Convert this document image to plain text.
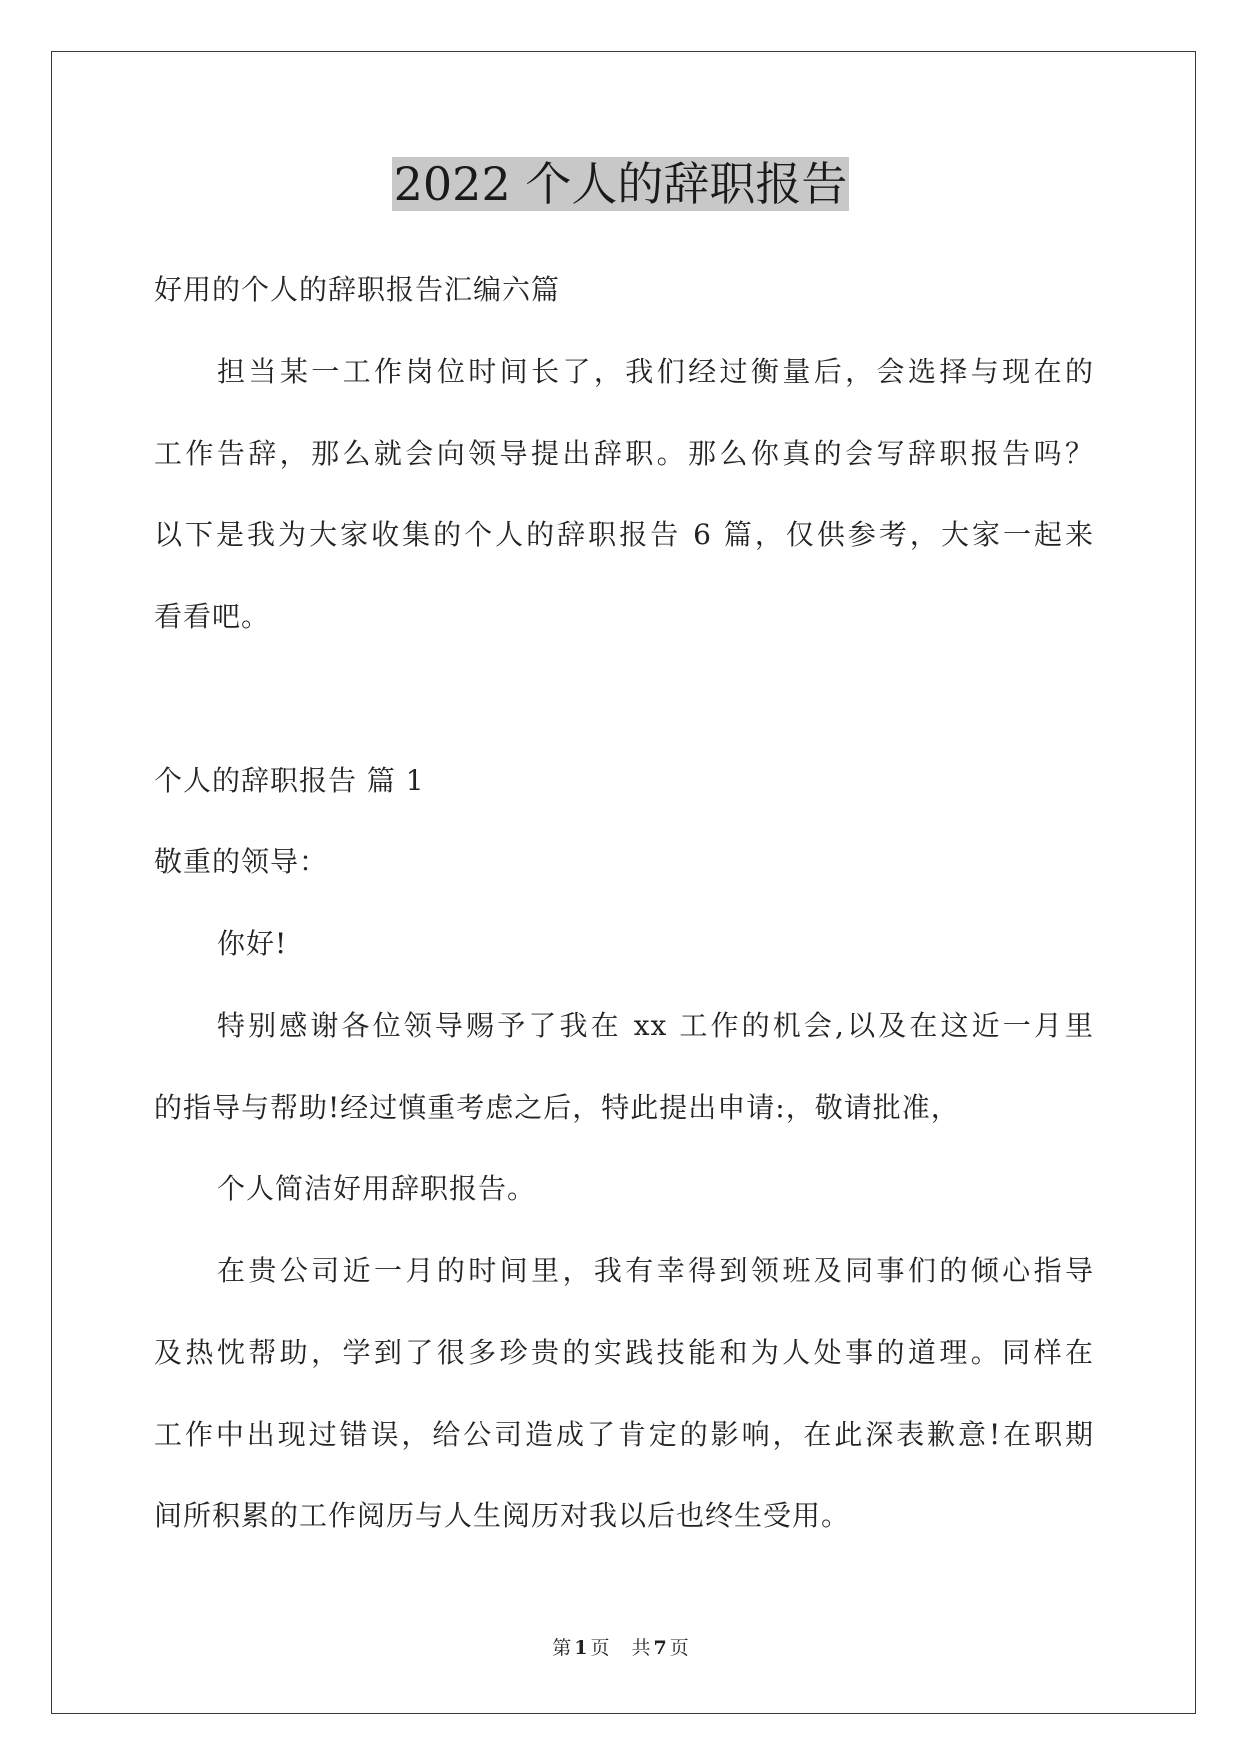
2022 个人的辞职报告
好用的个人的辞职报告汇编六篇
担当某一工作岗位时间长了，我们经过衡量后，会选择与现在的
工作告辞，那么就会向领导提出辞职。那么你真的会写辞职报告吗？
以下是我为大家收集的个人的辞职报告 6 篇，仅供参考，大家一起来
看看吧。
个人的辞职报告 篇 1
敬重的领导：
你好!
特别感谢各位领导赐予了我在 xx 工作的机会,以及在这近一月里
的指导与帮助!经过慎重考虑之后，特此提出申请:，敬请批准，
个人简洁好用辞职报告。
在贵公司近一月的时间里，我有幸得到领班及同事们的倾心指导
及热忱帮助，学到了很多珍贵的实践技能和为人处事的道理。同样在
工作中出现过错误，给公司造成了肯定的影响，在此深表歉意!在职期
间所积累的工作阅历与人生阅历对我以后也终生受用。
第 1 页 共 7 页
